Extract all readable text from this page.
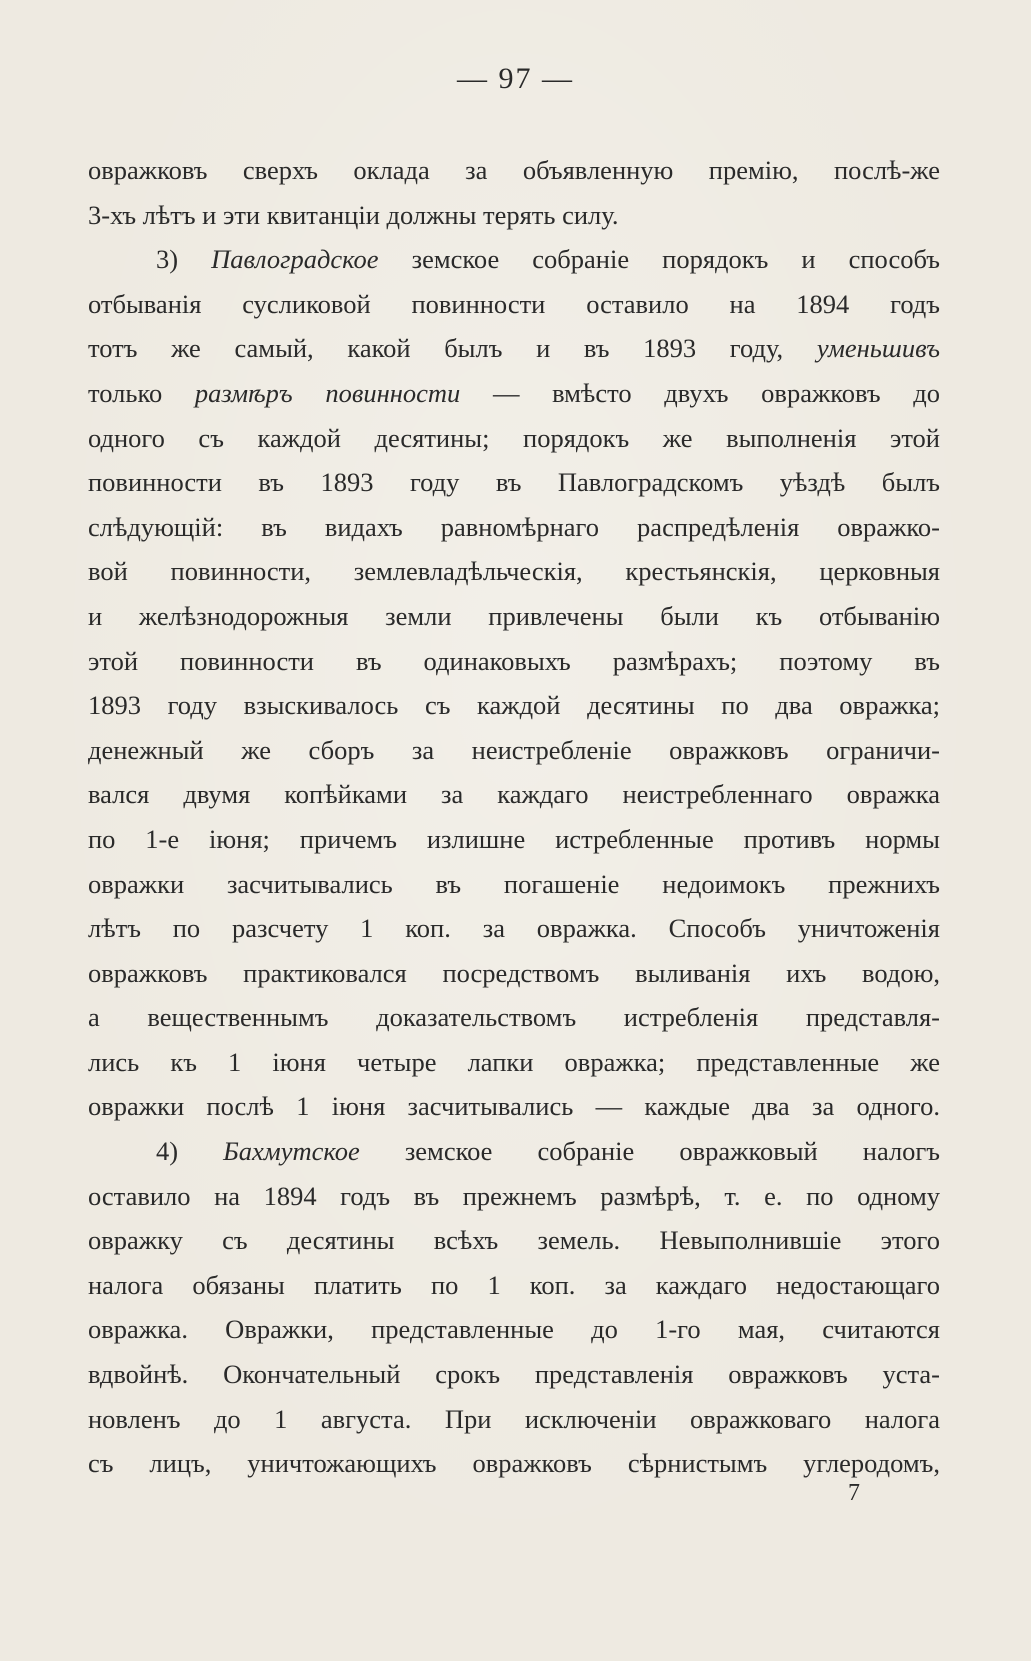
— 97 —
овражковъ сверхъ оклада за объявленную премію, послѣ-же
3-хъ лѣтъ и эти квитанціи должны терять силу.
3) Павлоградское земское собраніе порядокъ и способъ
отбыванія сусликовой повинности оставило на 1894 годъ
тотъ же самый, какой былъ и въ 1893 году, уменьшивъ
только размѣръ повинности — вмѣсто двухъ овражковъ до
одного съ каждой десятины; порядокъ же выполненія этой
повинности въ 1893 году въ Павлоградскомъ уѣздѣ былъ
слѣдующій: въ видахъ равномѣрнаго распредѣленія овражко-
вой повинности, землевладѣльческія, крестьянскія, церковныя
и желѣзнодорожныя земли привлечены были къ отбыванію
этой повинности въ одинаковыхъ размѣрахъ; поэтому въ
1893 году взыскивалось съ каждой десятины по два овражка;
денежный же сборъ за неистребленіе овражковъ ограничи-
вался двумя копѣйками за каждаго неистребленнаго овражка
по 1-е іюня; причемъ излишне истребленные противъ нормы
овражки засчитывались въ погашеніе недоимокъ прежнихъ
лѣтъ по разсчету 1 коп. за овражка. Способъ уничтоженія
овражковъ практиковался посредствомъ выливанія ихъ водою,
а вещественнымъ доказательствомъ истребленія представля-
лись къ 1 іюня четыре лапки овражка; представленные же
овражки послѣ 1 іюня засчитывались — каждые два за одного.
4) Бахмутское земское собраніе овражковый налогъ
оставило на 1894 годъ въ прежнемъ размѣрѣ, т. е. по одному
овражку съ десятины всѣхъ земель. Невыполнившіе этого
налога обязаны платить по 1 коп. за каждаго недостающаго
овражка. Овражки, представленные до 1-го мая, считаются
вдвойнѣ. Окончательный срокъ представленія овражковъ уста-
новленъ до 1 августа. При исключеніи овражковаго налога
съ лицъ, уничтожающихъ овражковъ сѣрнистымъ углеродомъ,
7
